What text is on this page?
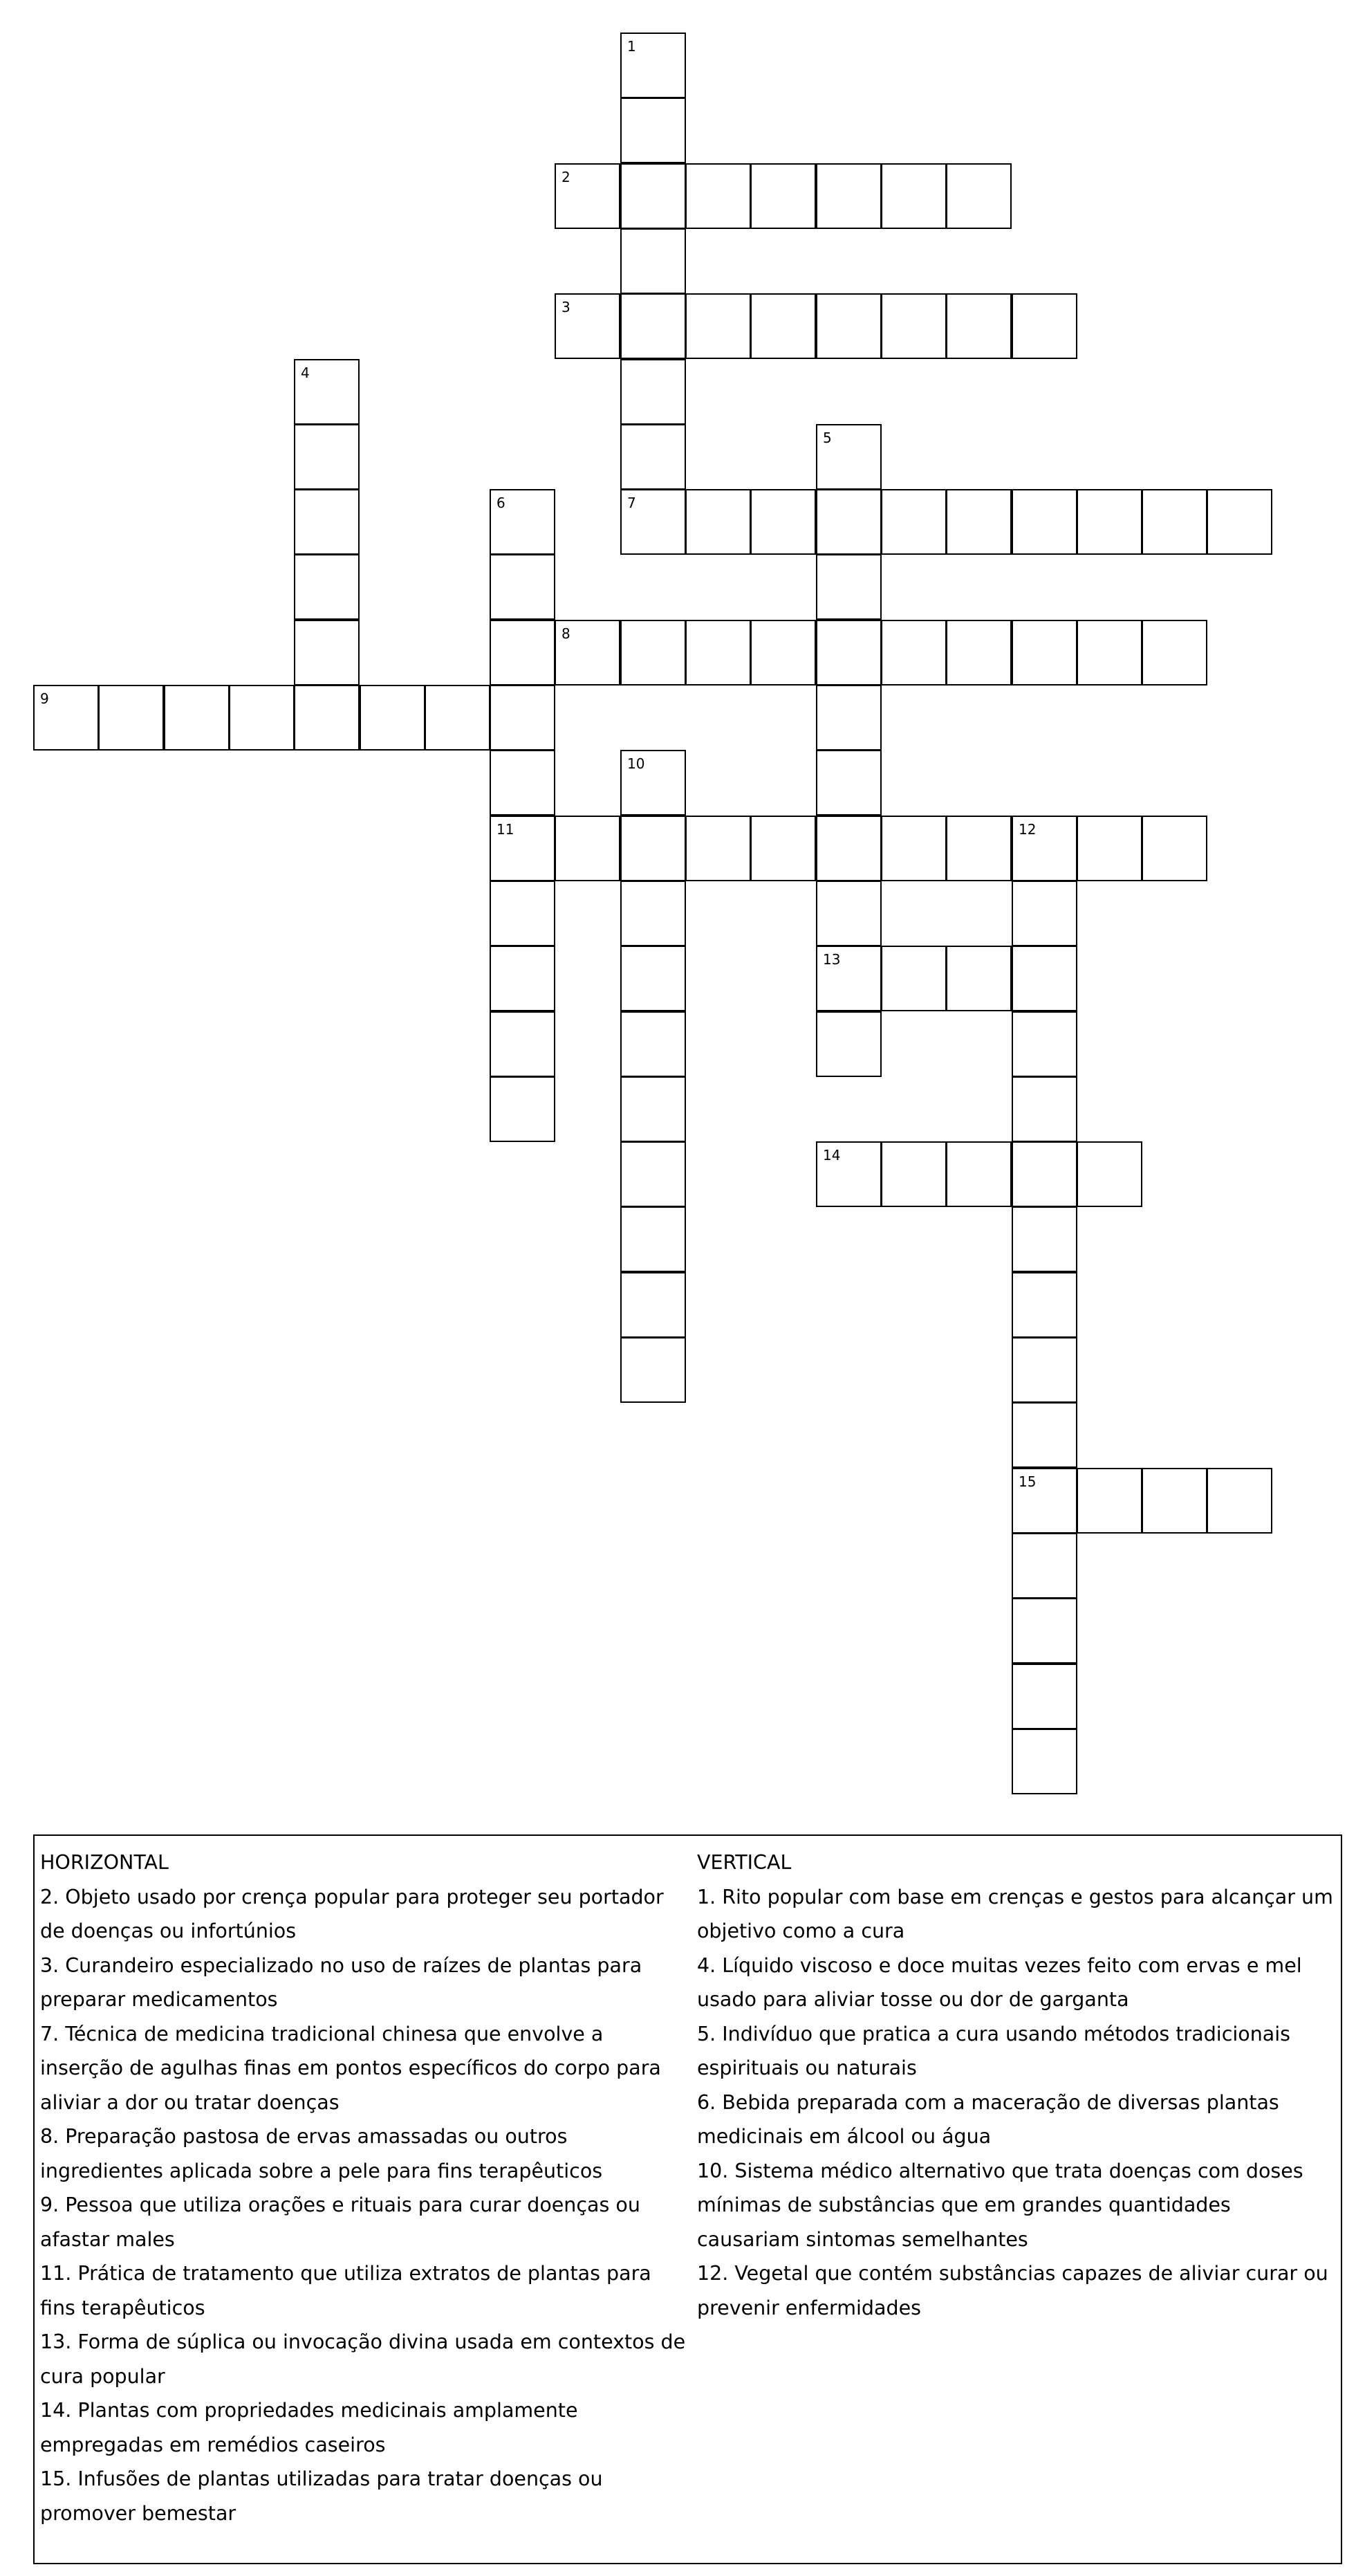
1
2
3
4
5
13
6
11
7
8
9
10
12
15
14

HORIZONTAL

2. Objeto usado por crença popular para proteger seu portador de doenças ou infortúnios

3. Curandeiro especializado no uso de raízes de plantas para preparar medicamentos

7. Técnica de medicina tradicional chinesa que envolve a inserção de agulhas finas em pontos específicos do corpo para aliviar a dor ou tratar doenças

8. Preparação pastosa de ervas amassadas ou outros ingredientes aplicada sobre a pele para fins terapêuticos

9. Pessoa que utiliza orações e rituais para curar doenças ou afastar males

11. Prática de tratamento que utiliza extratos de plantas para fins terapêuticos

13. Forma de súplica ou invocação divina usada em contextos de cura popular

14. Plantas com propriedades medicinais amplamente empregadas em remédios caseiros

15. Infusões de plantas utilizadas para tratar doenças ou promover bemestar

VERTICAL

1. Rito popular com base em crenças e gestos para alcançar um objetivo como a cura

4. Líquido viscoso e doce muitas vezes feito com ervas e mel usado para aliviar tosse ou dor de garganta

5. Indivíduo que pratica a cura usando métodos tradicionais espirituais ou naturais

6. Bebida preparada com a maceração de diversas plantas medicinais em álcool ou água

10. Sistema médico alternativo que trata doenças com doses mínimas de substâncias que em grandes quantidades causariam sintomas semelhantes

12. Vegetal que contém substâncias capazes de aliviar curar ou prevenir enfermidades
